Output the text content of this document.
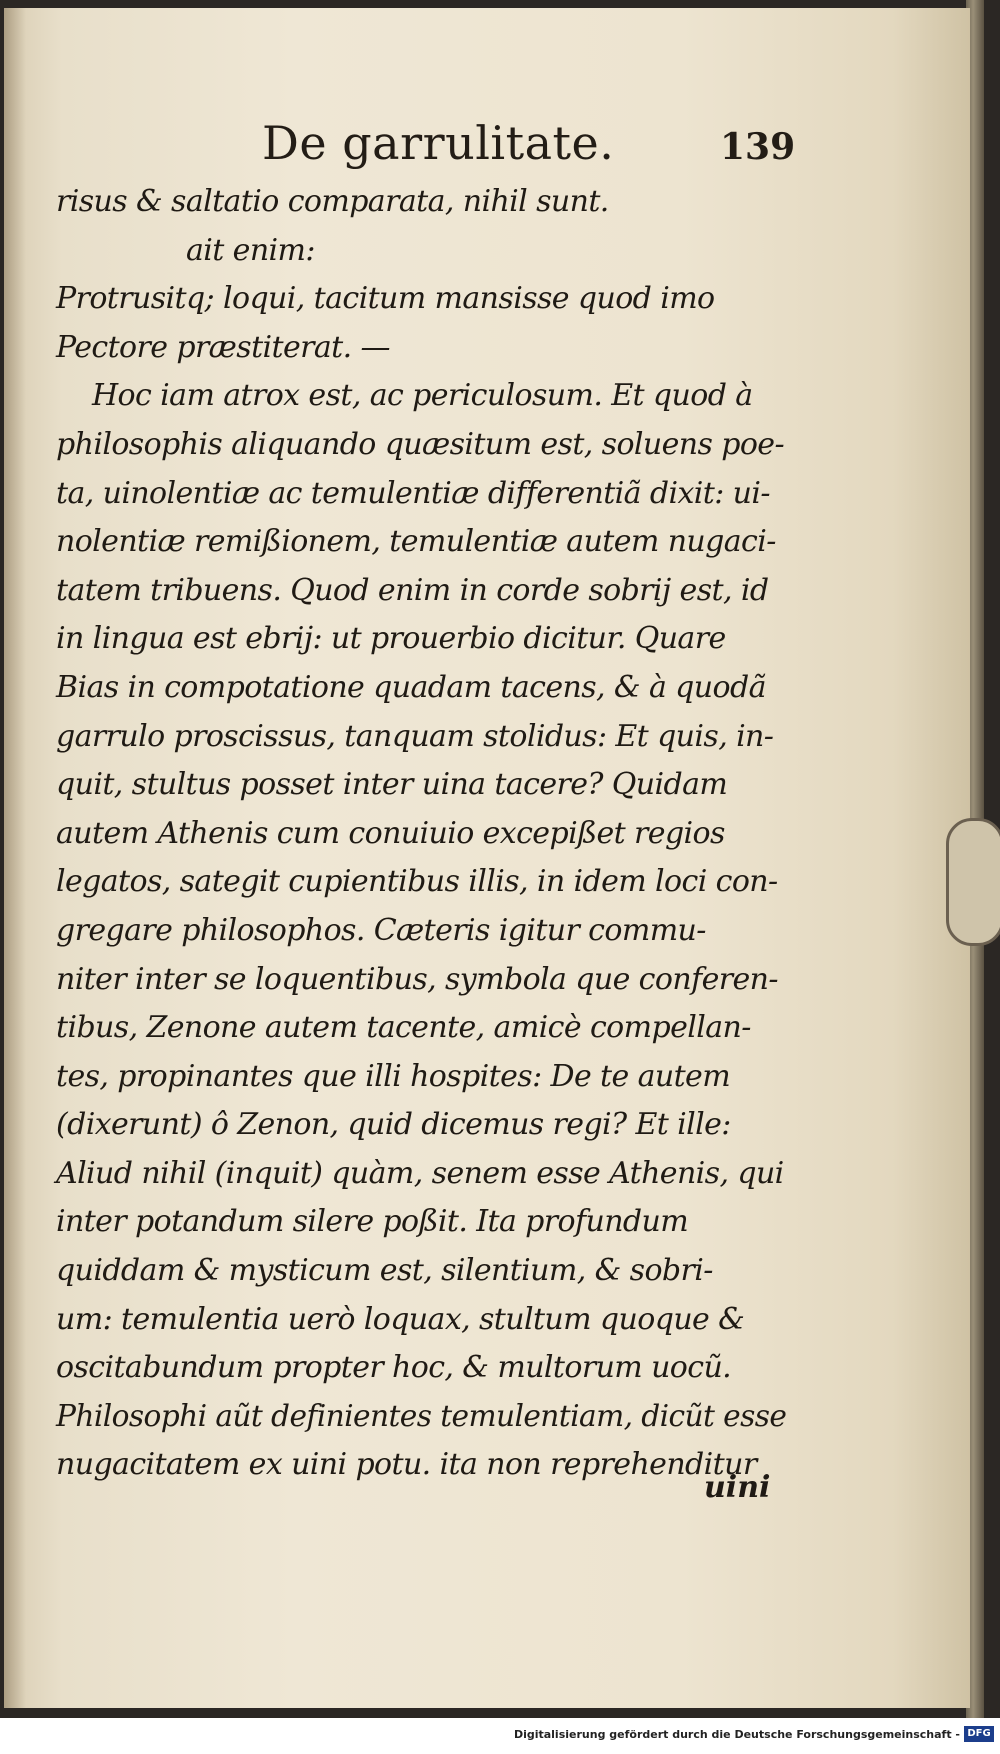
De garrulitate.	139
risus & saltatio comparata, nihil sunt.
ait enim:
Protrusitq; loqui, tacitum mansisse quod imo
Pectore præstiterat. —
Hoc iam atrox est, ac periculosum. Et quod à
philosophis aliquando quæsitum est, soluens poe-
ta, uinolentiæ ac temulentiæ differentiã dixit: ui-
nolentiæ remißionem, temulentiæ autem nugaci-
tatem tribuens. Quod enim in corde sobrij est, id
in lingua est ebrij: ut prouerbio dicitur. Quare
Bias in compotatione quadam tacens, & à quodã
garrulo proscissus, tanquam stolidus: Et quis, in-
quit, stultus posset inter uina tacere? Quidam
autem Athenis cum conuiuio excepißet regios
legatos, sategit cupientibus illis, in idem loci con-
gregare philosophos. Cæteris igitur commu-
niter inter se loquentibus, symbola que conferen-
tibus, Zenone autem tacente, amicè compellan-
tes, propinantes que illi hospites: De te autem
(dixerunt) ô Zenon, quid dicemus regi? Et ille:
Aliud nihil (inquit) quàm, senem esse Athenis, qui
inter potandum silere poßit. Ita profundum
quiddam & mysticum est, silentium, & sobri-
um: temulentia uerò loquax, stultum quoque &
oscitabundum propter hoc, & multorum uocũ.
Philosophi aũt definientes temulentiam, dicũt esse
nugacitatem ex uini potu. ita non reprehenditur
uini
Digitalisierung gefördert durch die Deutsche Forschungsgemeinschaft - DFG
